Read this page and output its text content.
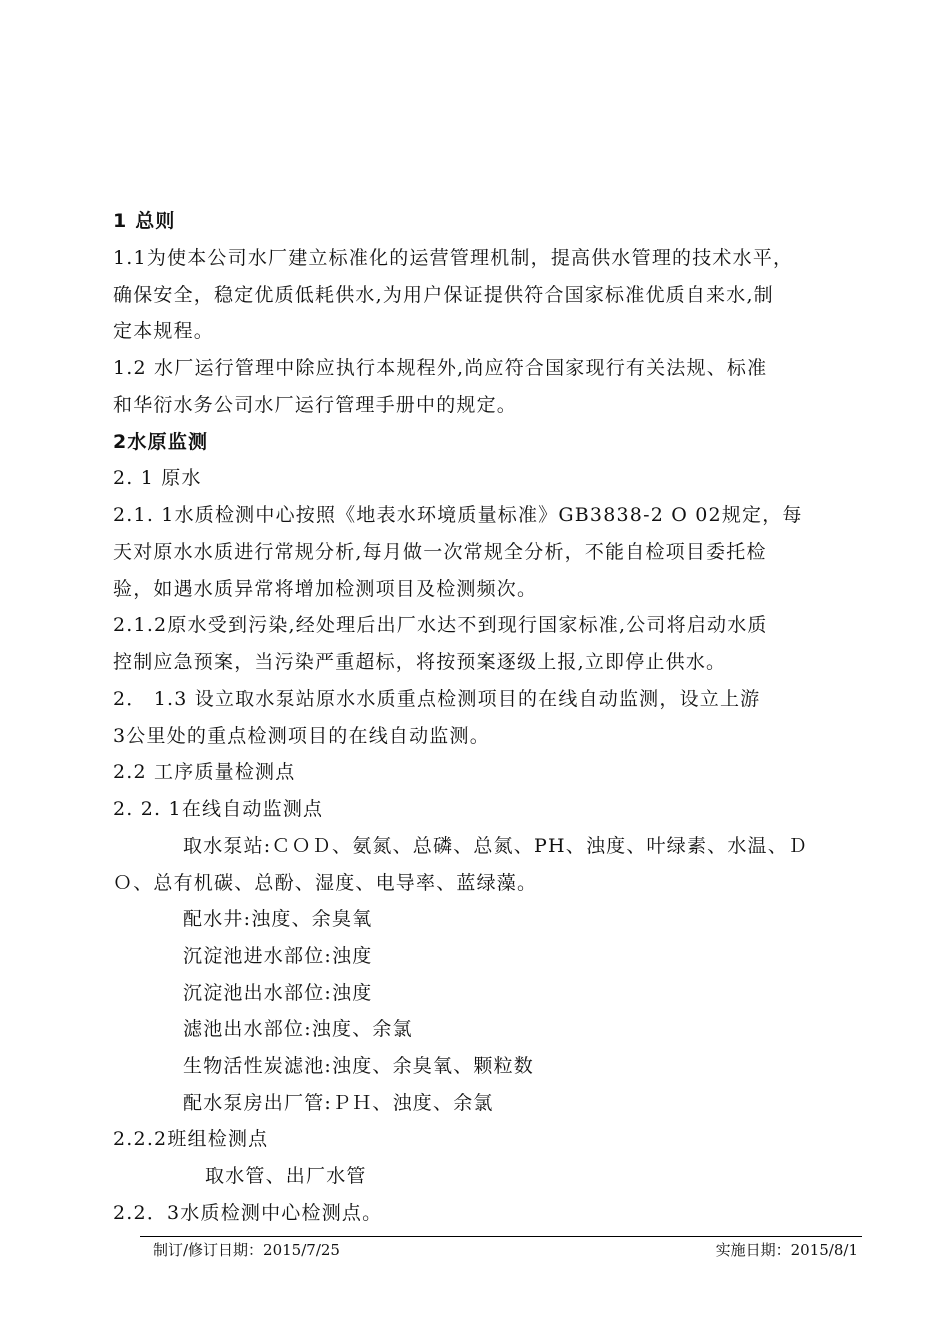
1 总则
1.1为使本公司水厂建立标准化的运营管理机制，提高供水管理的技术水平，
确保安全，稳定优质低耗供水,为用户保证提供符合国家标准优质自来水,制
定本规程。
1.2 水厂运行管理中除应执行本规程外,尚应符合国家现行有关法规、标准
和华衍水务公司水厂运行管理手册中的规定。
2水原监测
2. 1 原水
2.1. 1水质检测中心按照《地表水环境质量标准》GB3838-2 O 02规定，每
天对原水水质进行常规分析,每月做一次常规全分析，不能自检项目委托检
验，如遇水质异常将增加检测项目及检测频次。
2.1.2原水受到污染,经处理后出厂水达不到现行国家标准,公司将启动水质
控制应急预案，当污染严重超标，将按预案逐级上报,立即停止供水。
2． 1.3 设立取水泵站原水水质重点检测项目的在线自动监测，设立上游
3公里处的重点检测项目的在线自动监测。
2.2 工序质量检测点
2. 2. 1在线自动监测点
取水泵站:ＣＯＤ、氨氮、总磷、总氮、PH、浊度、叶绿素、水温、Ｄ
Ｏ、总有机碳、总酚、湿度、电导率、蓝绿藻。
配水井:浊度、余臭氧
沉淀池进水部位:浊度
沉淀池出水部位:浊度
滤池出水部位:浊度、余氯
生物活性炭滤池:浊度、余臭氧、颗粒数
配水泵房出厂管:ＰＨ、浊度、余氯
2.2.2班组检测点
取水管、出厂水管
2.2．3水质检测中心检测点。
制订/修订日期：2015/7/25	实施日期：2015/8/1
